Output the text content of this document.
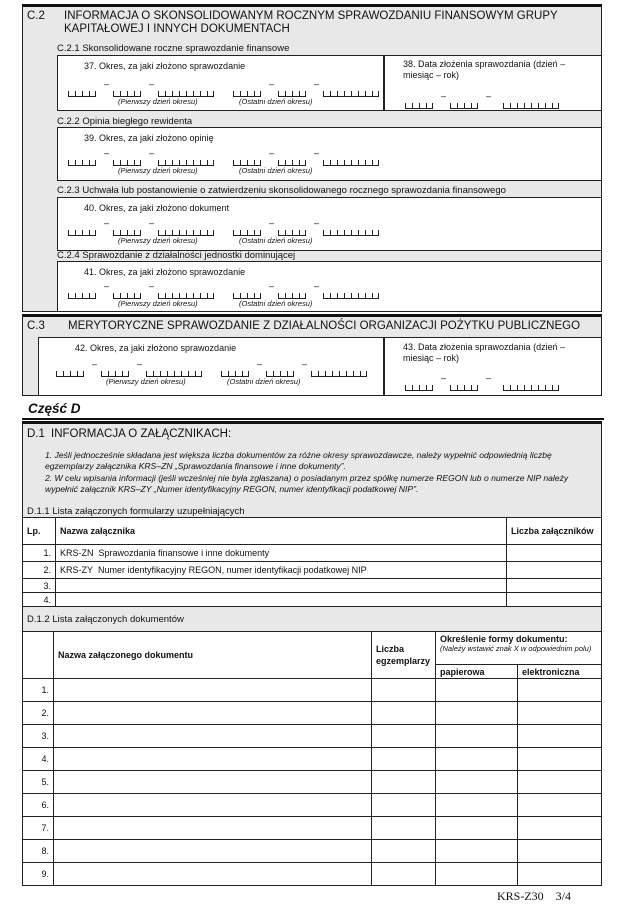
C.2 INFORMACJA O SKONSOLIDOWANYM ROCZNYM SPRAWOZDANIU FINANSOWYM GRUPY KAPITAŁOWEJ I INNYCH DOKUMENTACH
C.2.1 Skonsolidowane roczne sprawozdanie finansowe
37. Okres, za jaki złożono sprawozdanie	38. Data złożenia sprawozdania (dzień – miesiąc – rok)
C.2.2 Opinia biegłego rewidenta
39. Okres, za jaki złożono opinię
C.2.3 Uchwała lub postanowienie o zatwierdzeniu skonsolidowanego rocznego sprawozdania finansowego
40. Okres, za jaki złożono dokument
C.2.4 Sprawozdanie z działalności jednostki dominującej
41. Okres, za jaki złożono sprawozdanie
C.3 MERYTORYCZNE SPRAWOZDANIE Z DZIAŁALNOŚCI ORGANIZACJI POŻYTKU PUBLICZNEGO
42. Okres, za jaki złożono sprawozdanie	43. Data złożenia sprawozdania (dzień – miesiąc – rok)
Część D
D.1 INFORMACJA O ZAŁĄCZNIKACH:
1. Jeśli jednocześnie składana jest większa liczba dokumentów za różne okresy sprawozdawcze, należy wypełnić odpowiednią liczbę egzemplarzy załącznika KRS–ZN „Sprawozdania finansowe i inne dokumenty”.
2. W celu wpisania informacji (jeśli wcześniej nie była zgłaszana) o posiadanym przez spółkę numerze REGON lub o numerze NIP należy wypełnić załącznik KRS–ZY „Numer identyfikacyjny REGON, numer identyfikacji podatkowej NIP”.
D.1.1 Lista załączonych formularzy uzupełniających
Lp.	Nazwa załącznika	Liczba załączników
1.	KRS-ZN Sprawozdania finansowe i inne dokumenty	
2.	KRS-ZY Numer identyfikacyjny REGON, numer identyfikacji podatkowej NIP	
3.		
4.		
D.1.2 Lista załączonych dokumentów
	Nazwa załączonego dokumentu	Liczba egzemplarzy	Określenie formy dokumentu:
(Należy wstawić znak X w odpowiednim polu)	

			papierowa	elektroniczna
1.				
2.				
3.				
4.				
5.				
6.				
7.				
8.				
9.				
KRS-Z30 3/4
–	–	–	–
(Pierwszy dzień okresu)	(Ostatni dzień okresu)
–	–
–	–	–	–
(Pierwszy dzień okresu)	(Ostatni dzień okresu)
–	–	–	–
(Pierwszy dzień okresu)	(Ostatni dzień okresu)
–	–	–	–
(Pierwszy dzień okresu)	(Ostatni dzień okresu)
–	–	–	–
(Pierwszy dzień okresu)	(Ostatni dzień okresu)	–	–
